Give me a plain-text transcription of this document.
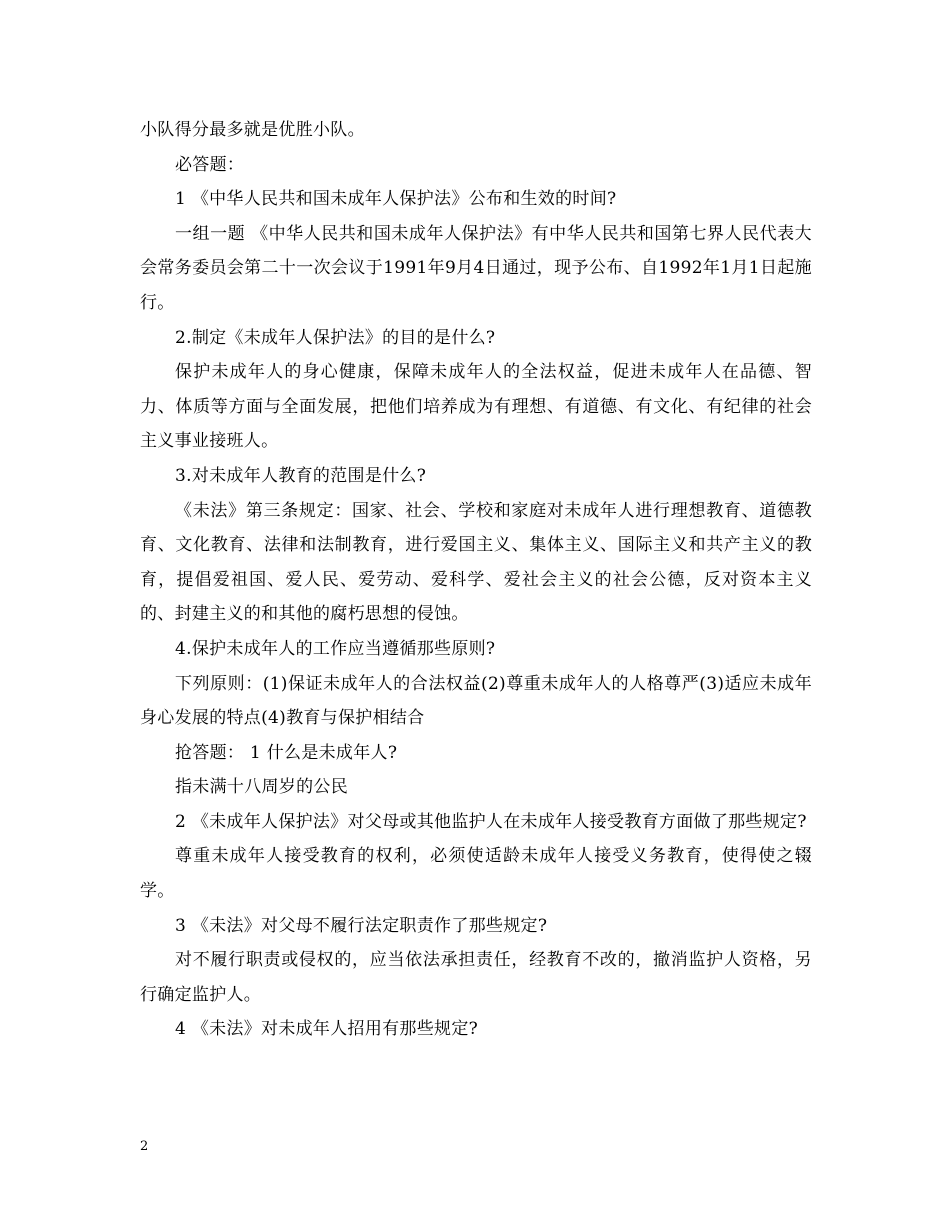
小队得分最多就是优胜小队。

必答题：

1 《中华人民共和国未成年人保护法》公布和生效的时间?

一组一题 《中华人民共和国未成年人保护法》有中华人民共和国第七界人民代表大会常务委员会第二十一次会议于1991年9月4日通过，现予公布、自1992年1月1日起施行。

2.制定《未成年人保护法》的目的是什么?

保护未成年人的身心健康，保障未成年人的全法权益，促进未成年人在品德、智力、体质等方面与全面发展，把他们培养成为有理想、有道德、有文化、有纪律的社会主义事业接班人。

3.对未成年人教育的范围是什么?

《未法》第三条规定：国家、社会、学校和家庭对未成年人进行理想教育、道德教育、文化教育、法律和法制教育，进行爱国主义、集体主义、国际主义和共产主义的教育，提倡爱祖国、爱人民、爱劳动、爱科学、爱社会主义的社会公德，反对资本主义的、封建主义的和其他的腐朽思想的侵蚀。

4.保护未成年人的工作应当遵循那些原则?

下列原则：(1)保证未成年人的合法权益(2)尊重未成年人的人格尊严(3)适应未成年身心发展的特点(4)教育与保护相结合

抢答题： 1 什么是未成年人?

指未满十八周岁的公民

2 《未成年人保护法》对父母或其他监护人在未成年人接受教育方面做了那些规定?

尊重未成年人接受教育的权利，必须使适龄未成年人接受义务教育，使得使之辍学。

3 《未法》对父母不履行法定职责作了那些规定?

对不履行职责或侵权的，应当依法承担责任，经教育不改的，撤消监护人资格，另行确定监护人。

4 《未法》对未成年人招用有那些规定?

2
